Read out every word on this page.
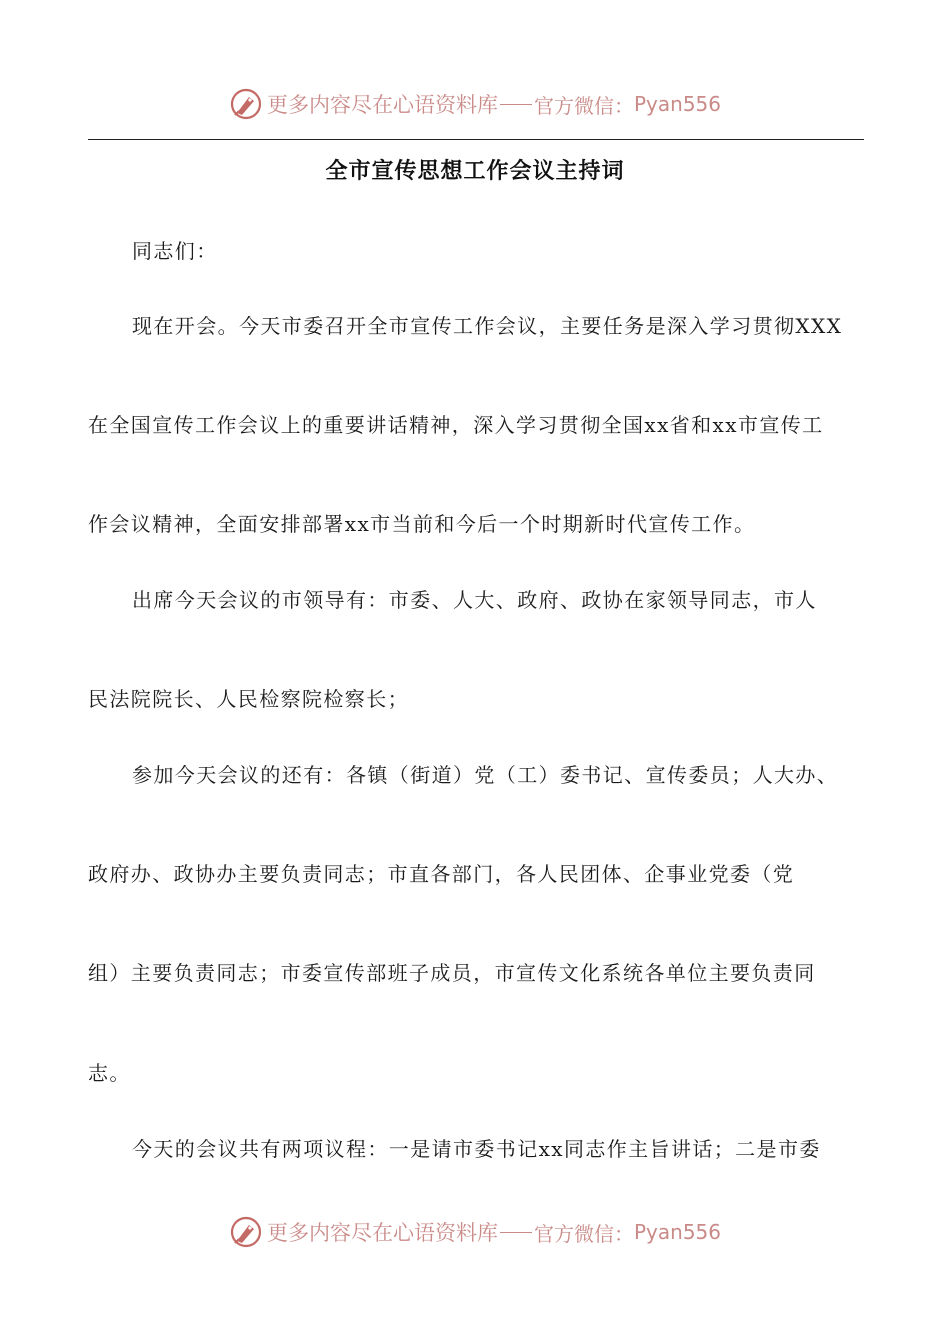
更多内容尽在心语资料库 官方微信： Pyan556
全市宣传思想工作会议主持词
同志们：
现在开会。今天市委召开全市宣传工作会议，主要任务是深入学习贯彻XXX
在全国宣传工作会议上的重要讲话精神，深入学习贯彻全国xx省和xx市宣传工
作会议精神，全面安排部署xx市当前和今后一个时期新时代宣传工作。
出席今天会议的市领导有：市委、人大、政府、政协在家领导同志，市人
民法院院长、人民检察院检察长；
参加今天会议的还有：各镇（街道）党（工）委书记、宣传委员；人大办、
政府办、政协办主要负责同志；市直各部门，各人民团体、企事业党委（党
组）主要负责同志；市委宣传部班子成员，市宣传文化系统各单位主要负责同
志。
今天的会议共有两项议程：一是请市委书记xx同志作主旨讲话；二是市委
更多内容尽在心语资料库 官方微信： Pyan556
